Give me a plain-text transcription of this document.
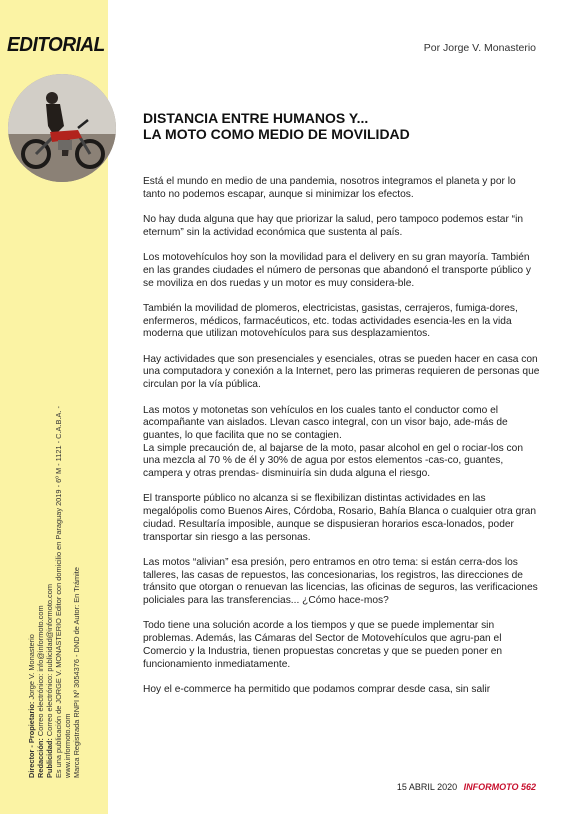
EDITORIAL	Por Jorge V. Monasterio
Director - Propietario: Jorge V. Monasterio
Redacción: Correo electrónico: info@informoto.com
Publicidad: Correo electrónico: publicidad@informoto.com Es una publicación de JORGE V. MONASTERIO Editor con domicilio en Paraguay 2019 - 6º M - 1121 - C.A.B.A. - www.informoto.com Marca Registrada RNPI Nº 3054376 - DND de Autor: En Trámite
DISTANCIA ENTRE HUMANOS Y...
LA MOTO COMO MEDIO DE MOVILIDAD

Está el mundo en medio de una pandemia, nosotros integramos el planeta y por lo tanto no podemos escapar, aunque si minimizar los efectos.

No hay duda alguna que hay que priorizar la salud, pero tampoco podemos estar “in eternum” sin la actividad económica que sustenta al país.

Los motovehículos hoy son la movilidad para el delivery en su gran mayoría. También en las grandes ciudades el número de personas que abandonó el transporte público y se moviliza en dos ruedas y un motor es muy considera-ble.

También la movilidad de plomeros, electricistas, gasistas, cerrajeros, fumiga-dores, enfermeros, médicos, farmacéuticos, etc. todas actividades esencia-les en la vida moderna que utilizan motovehículos para sus desplazamientos.

Hay actividades que son presenciales y esenciales, otras se pueden hacer en casa con una computadora y conexión a la Internet, pero las primeras requieren de personas que circulan por la vía pública.

Las motos y motonetas son vehículos en los cuales tanto el conductor como el acompañante van aislados. Llevan casco integral, con un visor bajo, ade-más de guantes, lo que facilita que no se contagien.

La simple precaución de, al bajarse de la moto, pasar alcohol en gel o rociar-los con una mezcla al 70 % de él y 30% de agua por estos elementos -cas-co, guantes, campera y otras prendas- disminuiría sin duda alguna el riesgo.

El transporte público no alcanza si se flexibilizan distintas actividades en las megalópolis como Buenos Aires, Córdoba, Rosario, Bahía Blanca o cualquier otra gran ciudad. Resultaría imposible, aunque se dispusieran horarios esca-lonados, poder transportar sin riesgo a las personas.

Las motos “alivian” esa presión, pero entramos en otro tema: si están cerra-dos los talleres, las casas de repuestos, las concesionarias, los registros, las direcciones de tránsito que otorgan o renuevan las licencias, las oficinas de seguros, las verificaciones policiales para las transferencias... ¿Cómo hace-mos?

Todo tiene una solución acorde a los tiempos y que se puede implementar sin problemas. Además, las Cámaras del Sector de Motovehículos que agru-pan el Comercio y la Industria, tienen propuestas concretas y que se pueden poner en funcionamiento inmediatamente.

Hoy el e-commerce ha permitido que podamos comprar desde casa, sin salir

15 ABRIL 2020 INFORMOTO 562
